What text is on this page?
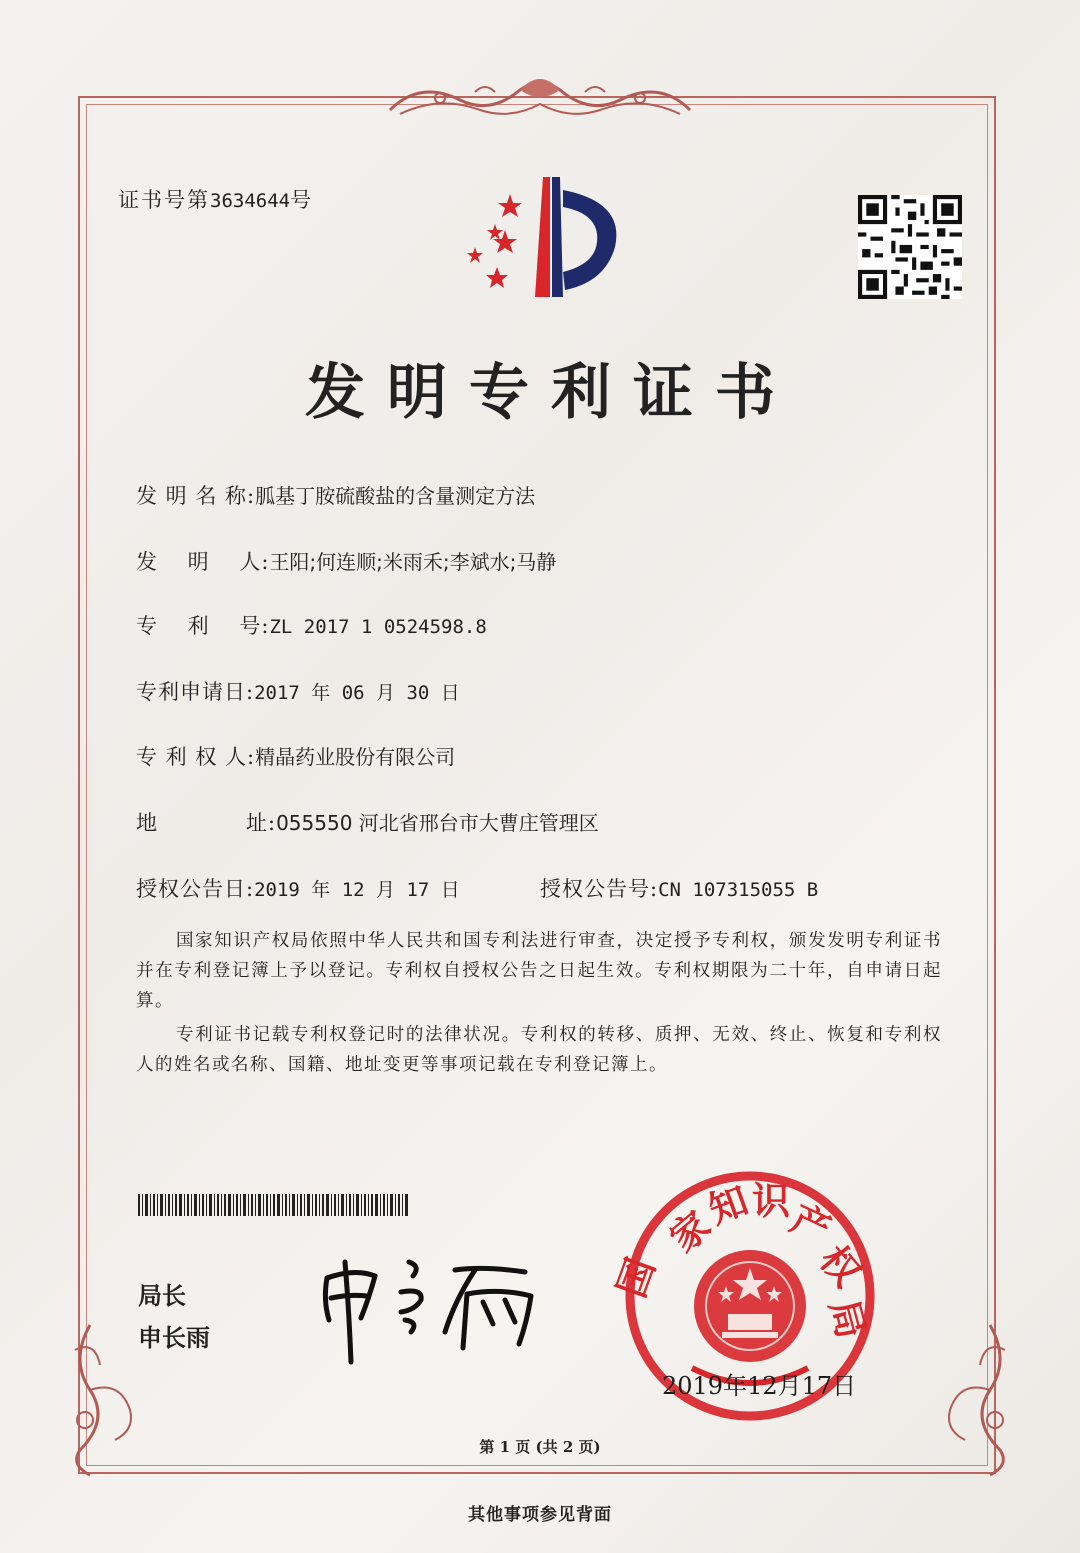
证书号第3634644号
发明专利证书
发 明 名 称:胍基丁胺硫酸盐的含量测定方法
发　 明　 人:王阳;何连顺;米雨禾;李斌水;马静
专　 利　 号:ZL 2017 1 0524598.8
专利申请日:2017 年 06 月 30 日
专 利 权 人:精晶药业股份有限公司
地　　　　址:055550 河北省邢台市大曹庄管理区
授权公告日:2019 年 12 月 17 日	授权公告号:CN 107315055 B
国家知识产权局依照中华人民共和国专利法进行审查，决定授予专利权，颁发发明专利证书并在专利登记簿上予以登记。专利权自授权公告之日起生效。专利权期限为二十年，自申请日起算。
专利证书记载专利权登记时的法律状况。专利权的转移、质押、无效、终止、恢复和专利权人的姓名或名称、国籍、地址变更等事项记载在专利登记簿上。
局长
申长雨
家
知
识
产
权
局
国
2019年12月17日
第 1 页 (共 2 页)
其他事项参见背面
